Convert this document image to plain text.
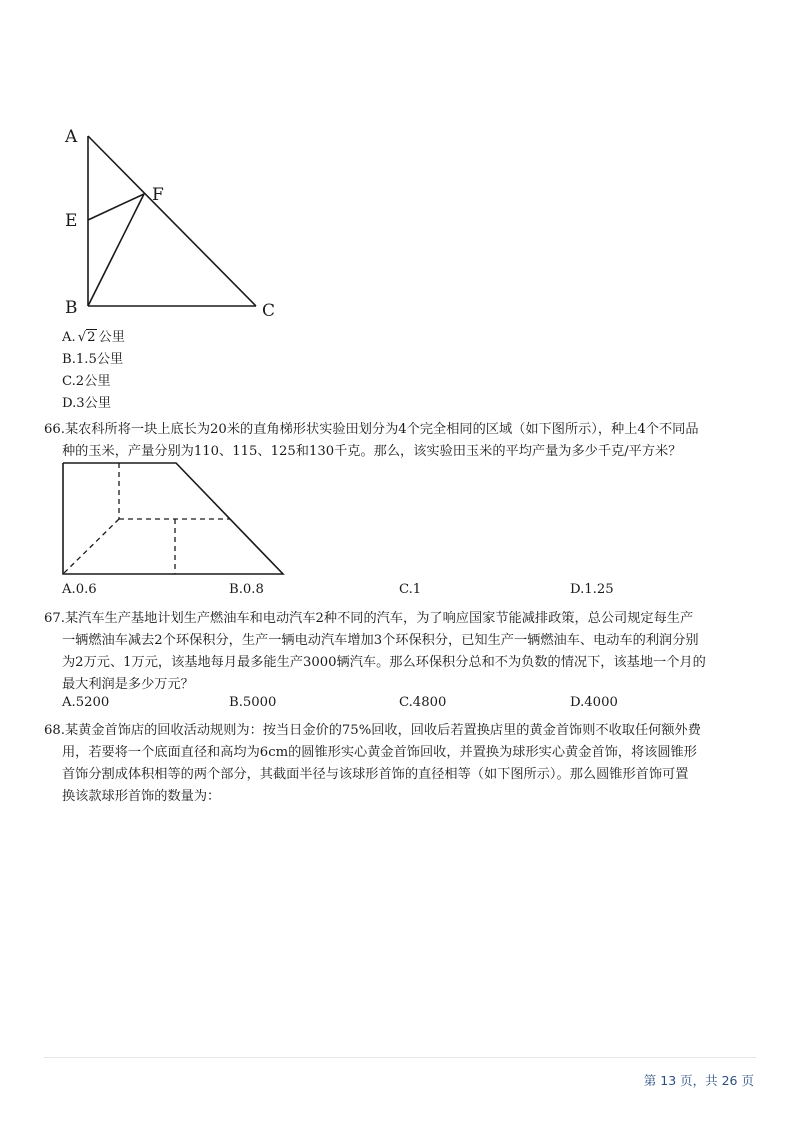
A
E
F
B	C
A. √2 公里
B.1.5公里
C.2公里
D.3公里
66.某农科所将一块上底长为20米的直角梯形状实验田划分为4个完全相同的区域（如下图所示），种上4个不同品
种的玉米，产量分别为110、115、125和130千克。那么，该实验田玉米的平均产量为多少千克/平方米？
A.0.6	B.0.8	C.1	D.1.25
67.某汽车生产基地计划生产燃油车和电动汽车2种不同的汽车，为了响应国家节能减排政策，总公司规定每生产
一辆燃油车减去2个环保积分，生产一辆电动汽车增加3个环保积分，已知生产一辆燃油车、电动车的利润分别
为2万元、1万元，该基地每月最多能生产3000辆汽车。那么环保积分总和不为负数的情况下，该基地一个月的
最大利润是多少万元？
A.5200	B.5000	C.4800	D.4000
68.某黄金首饰店的回收活动规则为：按当日金价的75%回收，回收后若置换店里的黄金首饰则不收取任何额外费
用，若要将一个底面直径和高均为6cm的圆锥形实心黄金首饰回收，并置换为球形实心黄金首饰，将该圆锥形
首饰分割成体积相等的两个部分，其截面半径与该球形首饰的直径相等（如下图所示）。那么圆锥形首饰可置
换该款球形首饰的数量为：
第 13 页，共 26 页
